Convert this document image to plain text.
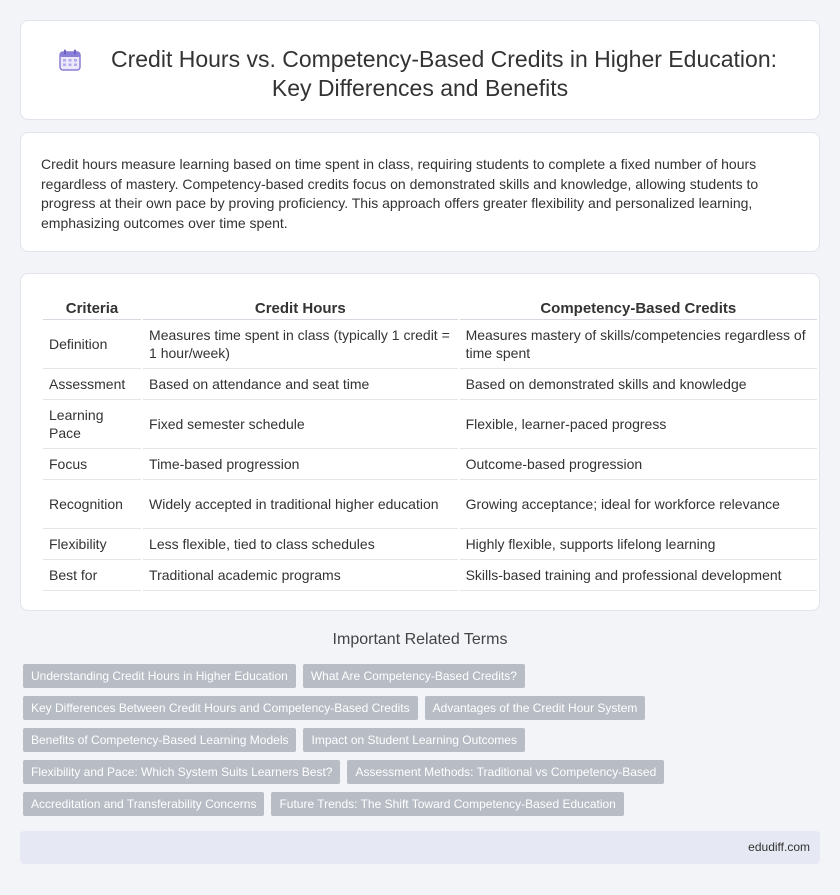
Credit Hours vs. Competency-Based Credits in Higher Education:
Key Differences and Benefits

Credit hours measure learning based on time spent in class, requiring students to complete a fixed number of hours regardless of mastery. Competency-based credits focus on demonstrated skills and knowledge, allowing students to progress at their own pace by proving proficiency. This approach offers greater flexibility and personalized learning, emphasizing outcomes over time spent.

Criteria	Credit Hours	Competency-Based Credits
Definition	Measures time spent in class (typically 1 credit = 1 hour/week)	Measures mastery of skills/competencies regardless of time spent
Assessment	Based on attendance and seat time	Based on demonstrated skills and knowledge
Learning Pace	Fixed semester schedule	Flexible, learner-paced progress
Focus	Time-based progression	Outcome-based progression
Recognition	Widely accepted in traditional higher education	Growing acceptance; ideal for workforce relevance
Flexibility	Less flexible, tied to class schedules	Highly flexible, supports lifelong learning
Best for	Traditional academic programs	Skills-based training and professional development
Important Related Terms
Understanding Credit Hours in Higher Education	What Are Competency-Based Credits?
Key Differences Between Credit Hours and Competency-Based Credits	Advantages of the Credit Hour System
Benefits of Competency-Based Learning Models	Impact on Student Learning Outcomes
Flexibility and Pace: Which System Suits Learners Best?	Assessment Methods: Traditional vs Competency-Based
Accreditation and Transferability Concerns	Future Trends: The Shift Toward Competency-Based Education
edudiff.com
